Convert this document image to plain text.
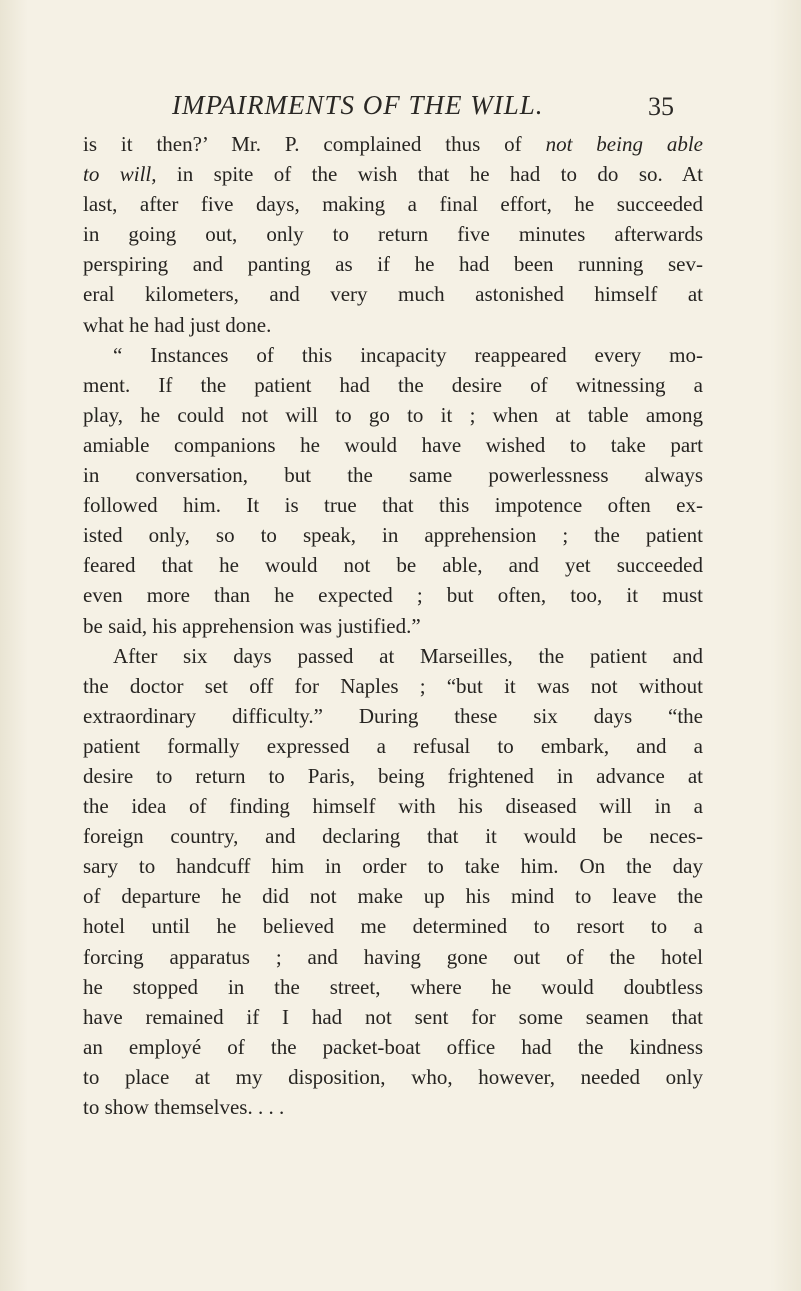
IMPAIRMENTS OF THE WILL.	35
is it then?’ Mr. P. complained thus of not being able
to will, in spite of the wish that he had to do so. At
last, after five days, making a final effort, he succeeded
in going out, only to return five minutes afterwards
perspiring and panting as if he had been running sev-
eral kilometers, and very much astonished himself at
what he had just done.
“ Instances of this incapacity reappeared every mo-
ment. If the patient had the desire of witnessing a
play, he could not will to go to it ; when at table among
amiable companions he would have wished to take part
in conversation, but the same powerlessness always
followed him. It is true that this impotence often ex-
isted only, so to speak, in apprehension ; the patient
feared that he would not be able, and yet succeeded
even more than he expected ; but often, too, it must
be said, his apprehension was justified.”
After six days passed at Marseilles, the patient and
the doctor set off for Naples ; “but it was not without
extraordinary difficulty.” During these six days “the
patient formally expressed a refusal to embark, and a
desire to return to Paris, being frightened in advance at
the idea of finding himself with his diseased will in a
foreign country, and declaring that it would be neces-
sary to handcuff him in order to take him. On the day
of departure he did not make up his mind to leave the
hotel until he believed me determined to resort to a
forcing apparatus ; and having gone out of the hotel
he stopped in the street, where he would doubtless
have remained if I had not sent for some seamen that
an employé of the packet-boat office had the kindness
to place at my disposition, who, however, needed only
to show themselves. . . .
